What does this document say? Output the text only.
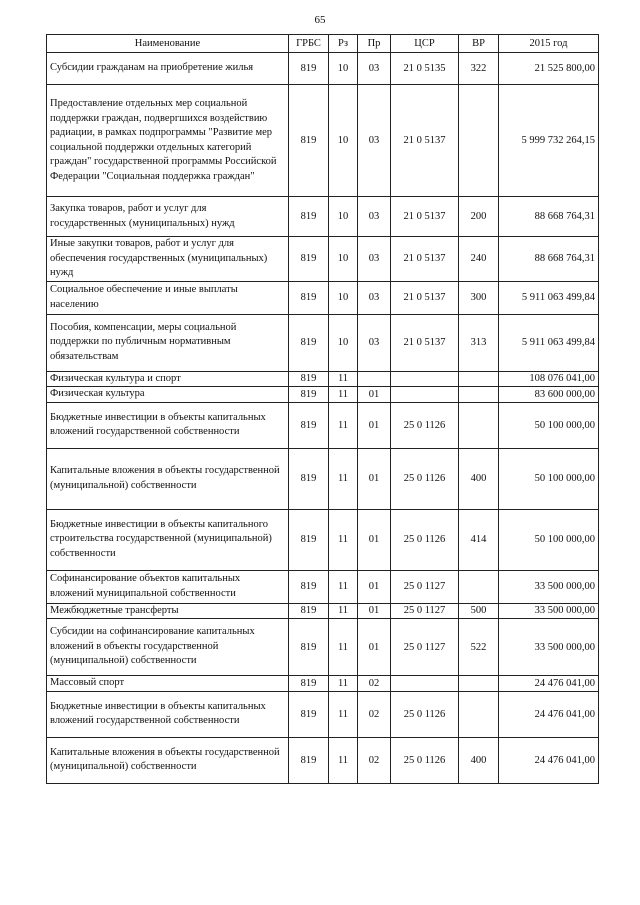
65
Наименование	ГРБС	Рз	Пр	ЦСР	ВР	2015 год
Субсидии гражданам на приобретение жилья	819	10	03	21 0 5135	322	21 525 800,00
Предоставление отдельных мер социальной поддержки граждан, подвергшихся воздействию радиации, в рамках подпрограммы "Развитие мер социальной поддержки отдельных категорий граждан" государственной программы Российской Федерации "Социальная поддержка граждан"	819	10	03	21 0 5137		5 999 732 264,15
Закупка товаров, работ и услуг для государственных (муниципальных) нужд	819	10	03	21 0 5137	200	88 668 764,31
Иные закупки товаров, работ и услуг для обеспечения государственных (муниципальных) нужд	819	10	03	21 0 5137	240	88 668 764,31
Социальное обеспечение и иные выплаты населению	819	10	03	21 0 5137	300	5 911 063 499,84
Пособия, компенсации, меры социальной поддержки по публичным нормативным обязательствам	819	10	03	21 0 5137	313	5 911 063 499,84
Физическая культура и спорт	819	11				108 076 041,00
Физическая культура	819	11	01			83 600 000,00
Бюджетные инвестиции в объекты капитальных вложений государственной собственности	819	11	01	25 0 1126		50 100 000,00
Капитальные вложения в объекты государственной (муниципальной) собственности	819	11	01	25 0 1126	400	50 100 000,00
Бюджетные инвестиции в объекты капитального строительства государственной (муниципальной) собственности	819	11	01	25 0 1126	414	50 100 000,00
Софинансирование объектов капитальных вложений муниципальной собственности	819	11	01	25 0 1127		33 500 000,00
Межбюджетные трансферты	819	11	01	25 0 1127	500	33 500 000,00
Субсидии на софинансирование капитальных вложений в объекты государственной (муниципальной) собственности	819	11	01	25 0 1127	522	33 500 000,00
Массовый спорт	819	11	02			24 476 041,00
Бюджетные инвестиции в объекты капитальных вложений государственной собственности	819	11	02	25 0 1126		24 476 041,00
Капитальные вложения в объекты государственной (муниципальной) собственности	819	11	02	25 0 1126	400	24 476 041,00
